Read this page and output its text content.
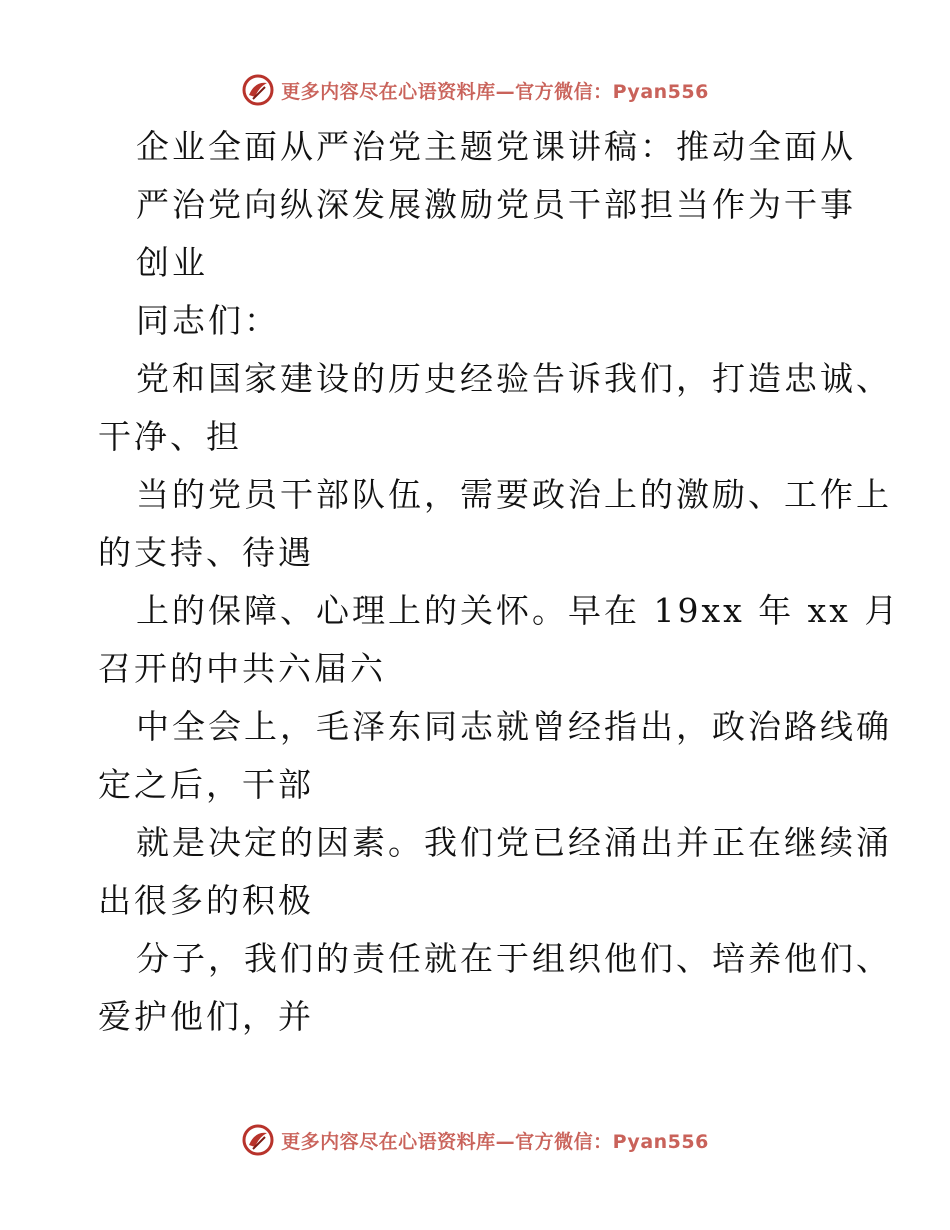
更多内容尽在心语资料库—官方微信：Pyan556
企业全面从严治党主题党课讲稿：推动全面从
严治党向纵深发展激励党员干部担当作为干事
创业
同志们：
党和国家建设的历史经验告诉我们，打造忠诚、
干净、担
当的党员干部队伍，需要政治上的激励、工作上
的支持、待遇
上的保障、心理上的关怀。早在 19xx 年 xx 月
召开的中共六届六
中全会上，毛泽东同志就曾经指出，政治路线确
定之后，干部
就是决定的因素。我们党已经涌出并正在继续涌
出很多的积极
分子，我们的责任就在于组织他们、培养他们、
爱护他们，并
更多内容尽在心语资料库—官方微信：Pyan556
